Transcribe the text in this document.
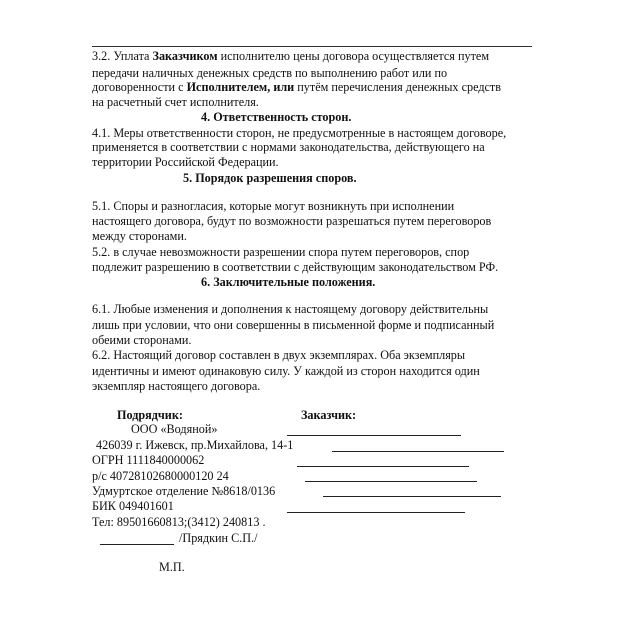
3.2. Уплата Заказчиком исполнителю цены договора осуществляется путем
передачи наличных денежных средств по выполнению работ или по
договоренности с Исполнителем, или путём перечисления денежных средств
на расчетный счет исполнителя.
4. Ответственность сторон.
4.1. Меры ответственности сторон, не предусмотренные в настоящем договоре,
применяется в соответствии с нормами законодательства, действующего на
территории Российской Федерации.
5. Порядок разрешения споров.
5.1. Споры и разногласия, которые могут возникнуть при исполнении
настоящего договора, будут по возможности разрешаться путем переговоров
между сторонами.
5.2. в случае невозможности разрешении спора путем переговоров, спор
подлежит разрешению в соответствии с действующим законодательством РФ.
6. Заключительные положения.
6.1. Любые изменения и дополнения к настоящему договору действительны
лишь при условии, что они совершенны в письменной форме и подписанный
обеими сторонами.
6.2. Настоящий договор составлен в двух экземплярах. Оба экземпляры
идентичны и имеют одинаковую силу. У каждой из сторон находится один
экземпляр настоящего договора.
Подрядчик:	Заказчик:
ООО «Водяной»
426039 г. Ижевск, пр.Михайлова, 14-1
ОГРН 1111840000062
р/с 40728102680000120 24
Удмуртское отделение №8618/0136
БИК 049401601
Тел: 89501660813;(3412) 240813 .
/Прядкин С.П./
М.П.
